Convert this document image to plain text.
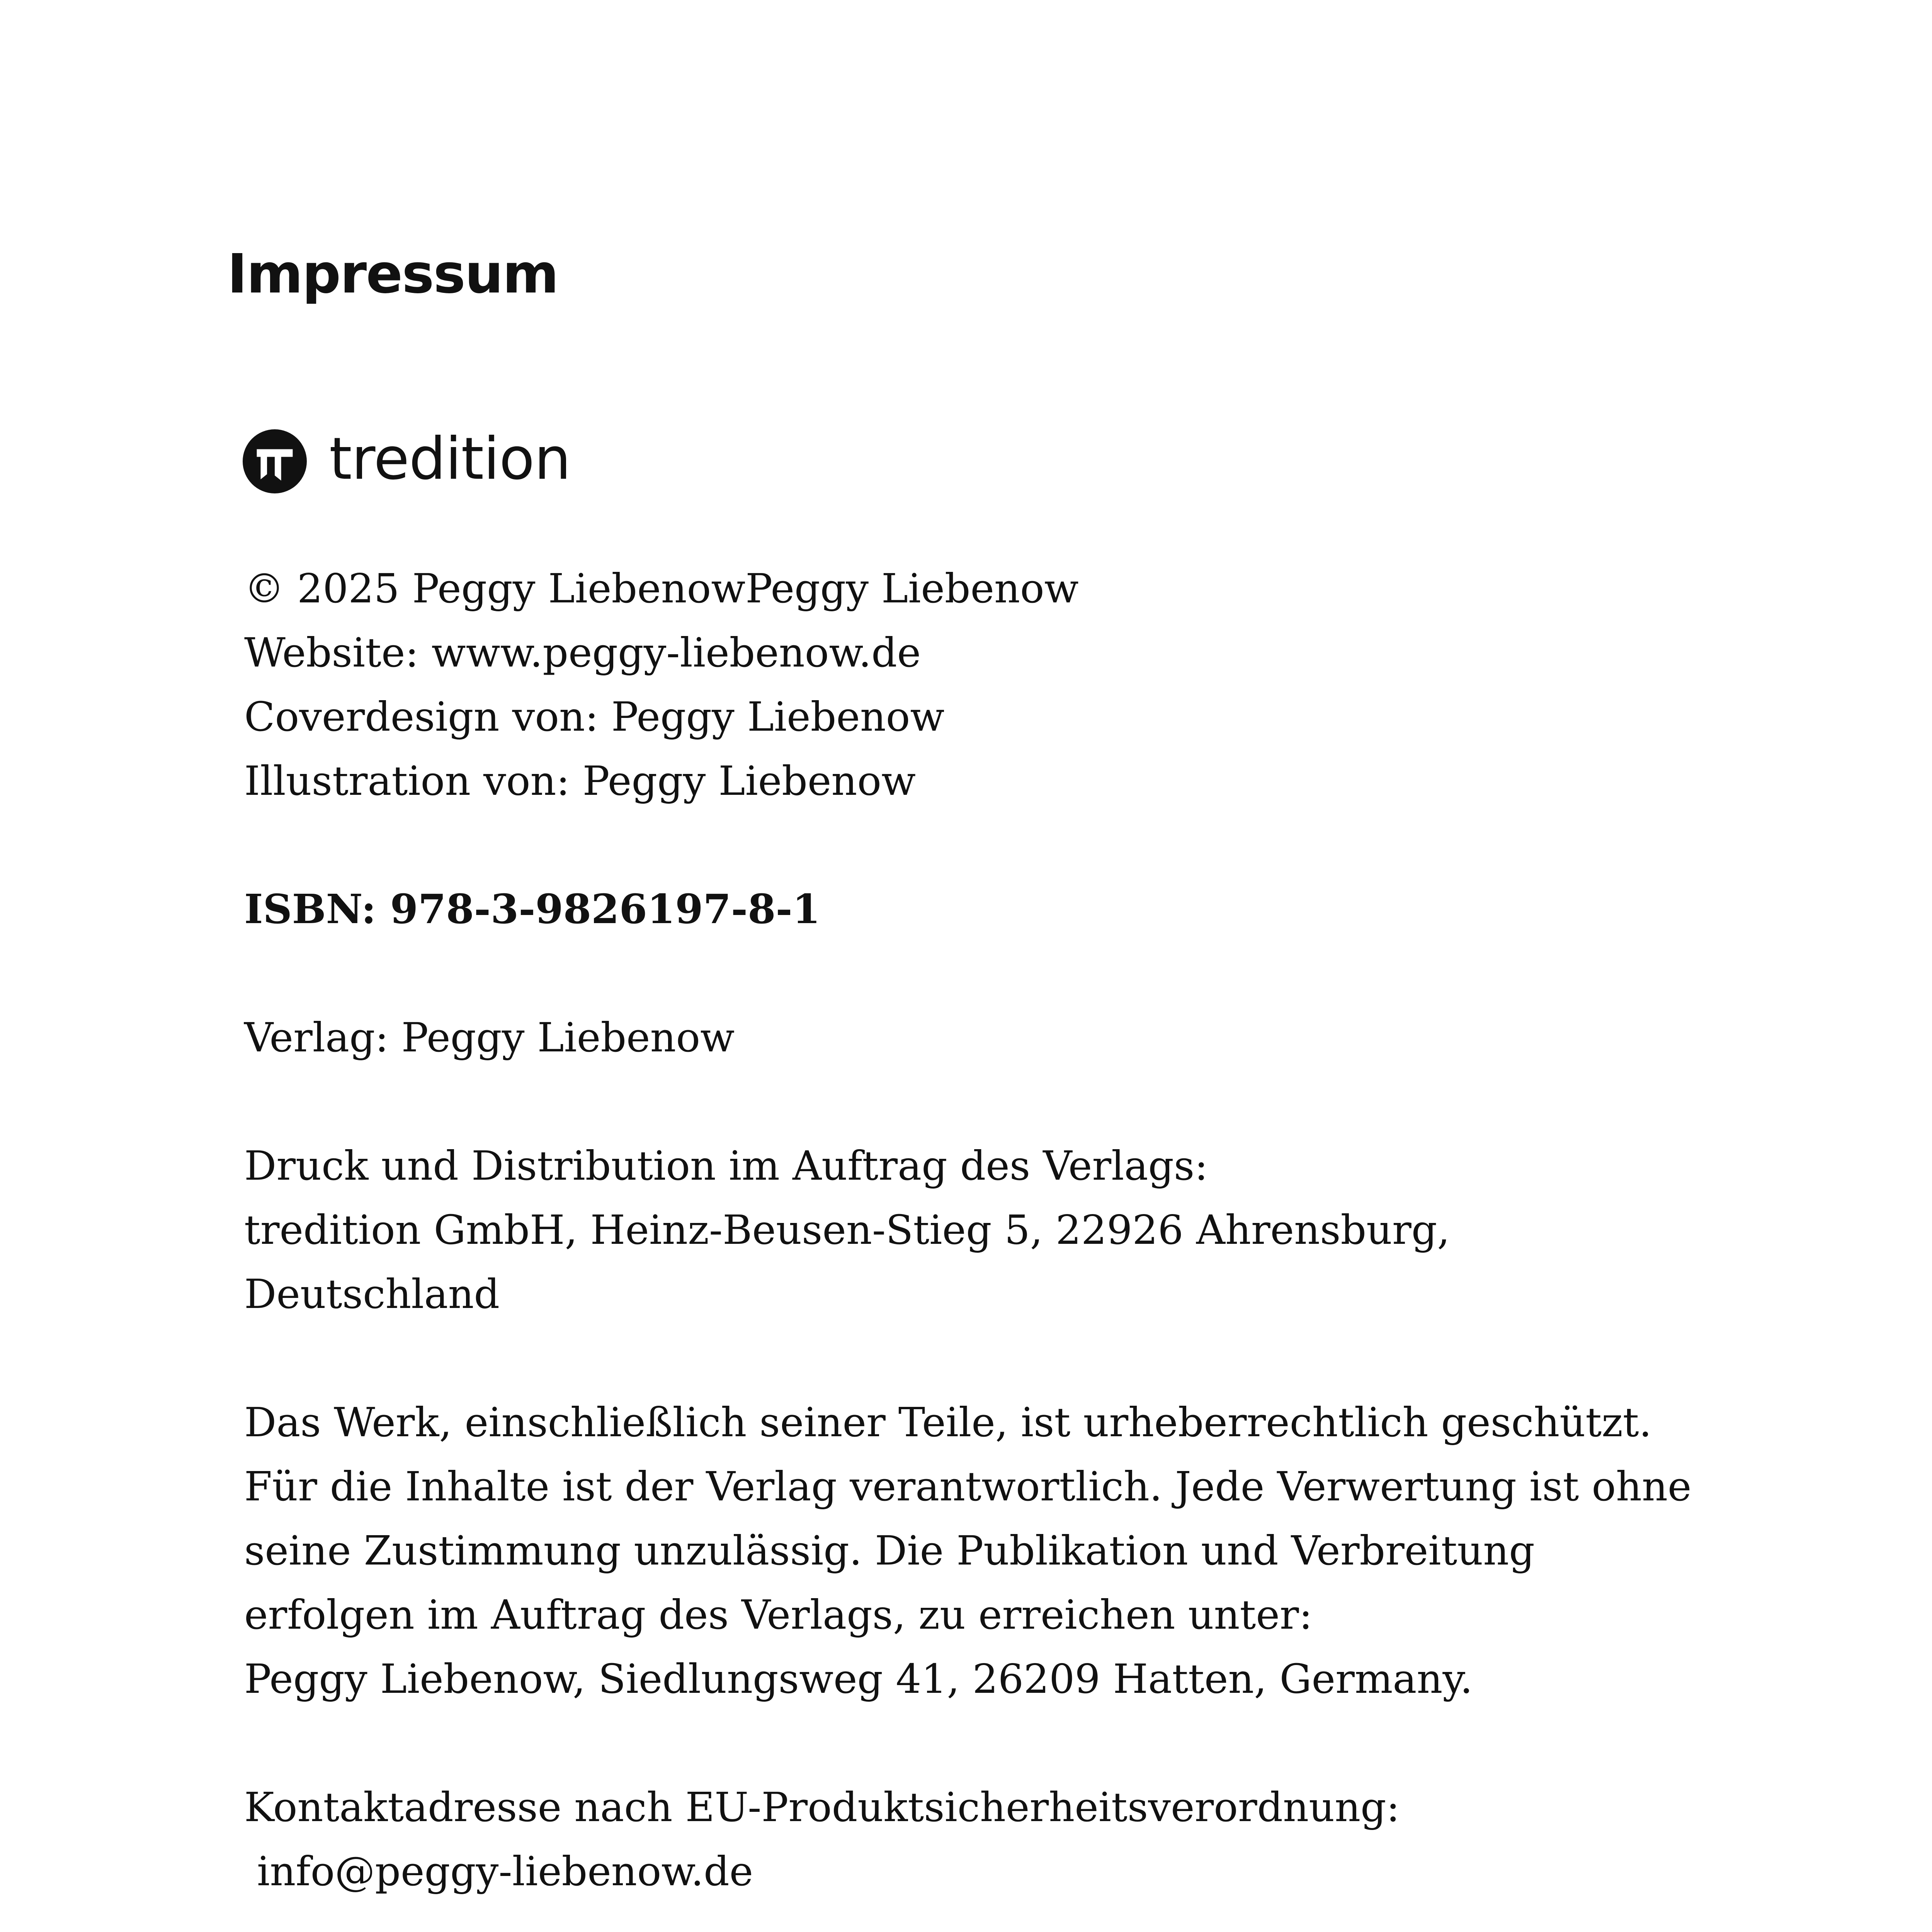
Impressum
tredition
© 2025 Peggy LiebenowPeggy Liebenow
Website: www.peggy-liebenow.de
Coverdesign von: Peggy Liebenow
Illustration von: Peggy Liebenow
ISBN: 978-3-9826197-8-1
Verlag: Peggy Liebenow
Druck und Distribution im Auftrag des Verlags:
tredition GmbH, Heinz-Beusen-Stieg 5, 22926 Ahrensburg,
Deutschland
Das Werk, einschließlich seiner Teile, ist urheberrechtlich geschützt.
Für die Inhalte ist der Verlag verantwortlich. Jede Verwertung ist ohne
seine Zustimmung unzulässig. Die Publikation und Verbreitung
erfolgen im Auftrag des Verlags, zu erreichen unter:
Peggy Liebenow, Siedlungsweg 41, 26209 Hatten, Germany.
Kontaktadresse nach EU-Produktsicherheitsverordnung:
info@peggy-liebenow.de
